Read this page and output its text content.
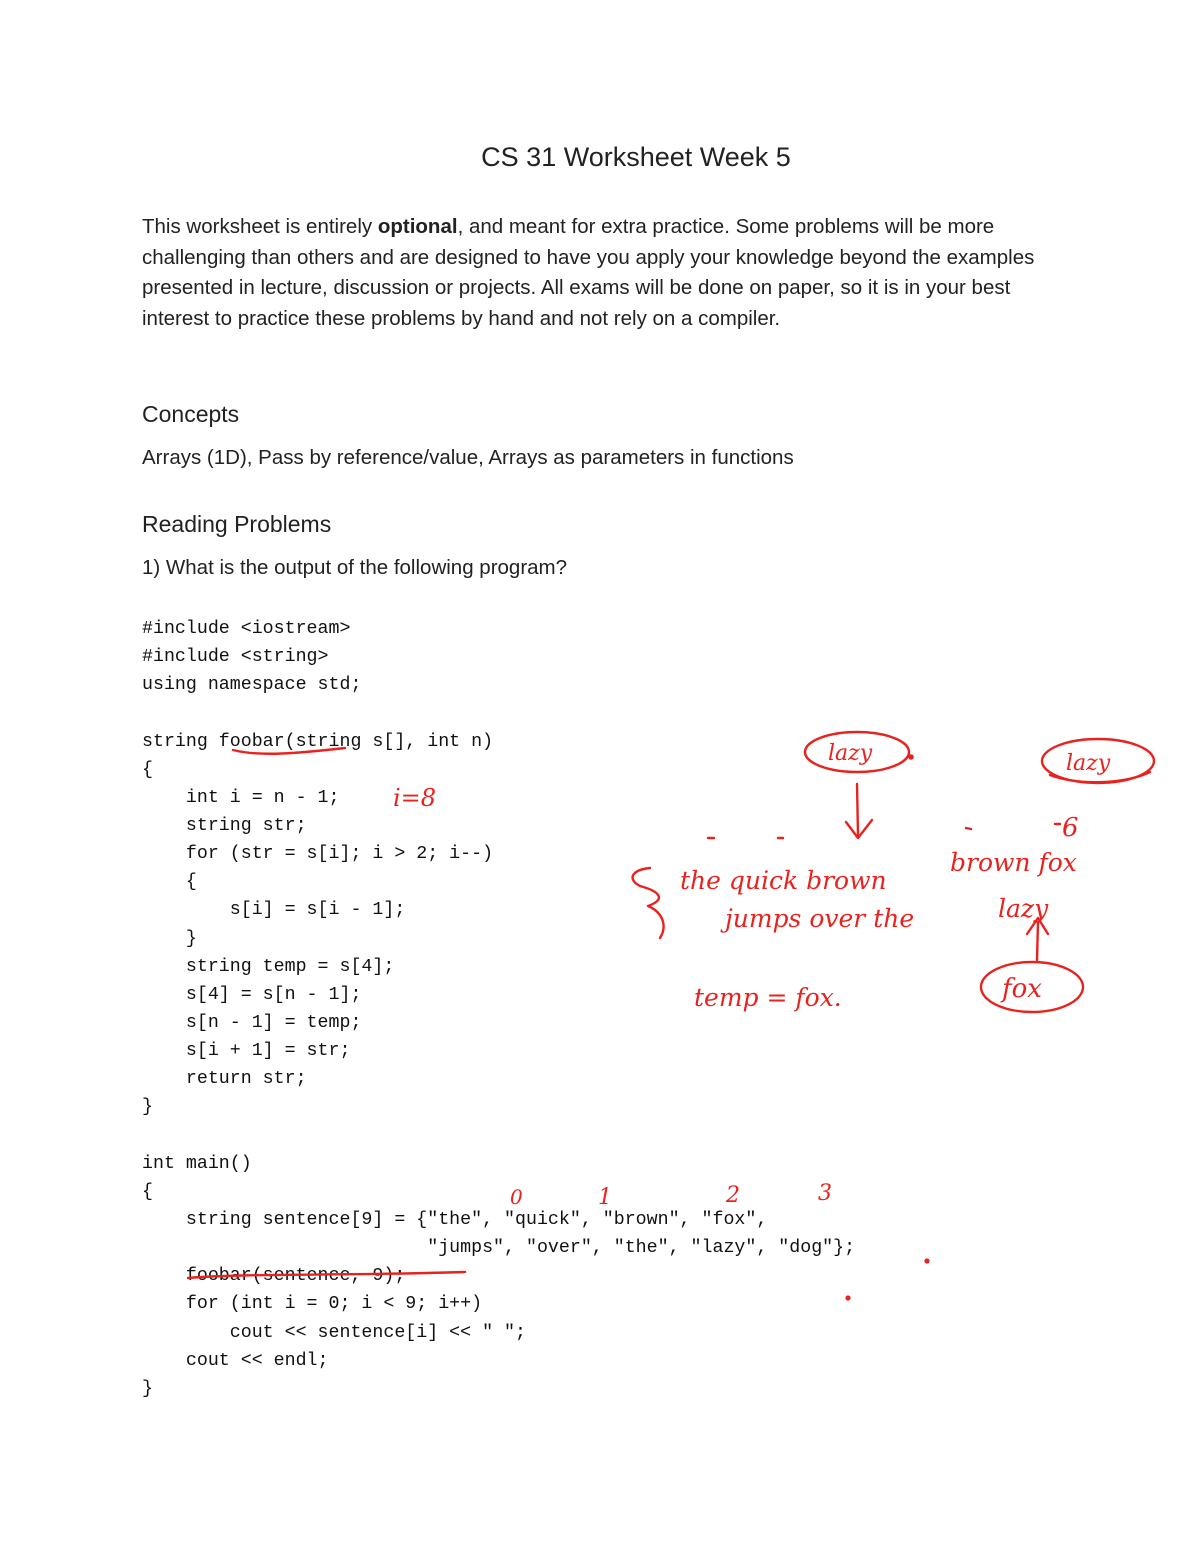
CS 31 Worksheet Week 5
This worksheet is entirely optional, and meant for extra practice. Some problems will be more challenging than others and are designed to have you apply your knowledge beyond the examples presented in lecture, discussion or projects. All exams will be done on paper, so it is in your best interest to practice these problems by hand and not rely on a compiler.
Concepts
Arrays (1D), Pass by reference/value, Arrays as parameters in functions
Reading Problems
1) What is the output of the following program?
#include <iostream>
#include <string>
using namespace std;
string foobar(string s[], int n)
{
int i = n - 1;
string str;
for (str = s[i]; i > 2; i--)
{
s[i] = s[i - 1];
}
string temp = s[4];
s[4] = s[n - 1];
s[n - 1] = temp;
s[i + 1] = str;
return str;
}
int main()
{
string sentence[9] = {"the", "quick", "brown", "fox",
"jumps", "over", "the", "lazy", "dog"};
foobar(sentence, 9);
for (int i = 0; i < 9; i++)
cout << sentence[i] << " ";
cout << endl;
}
i=8
lazy	lazy
6
the quick brown
brown fox
jumps over the	lazy
fox
temp = fox.
0	1	2	3
